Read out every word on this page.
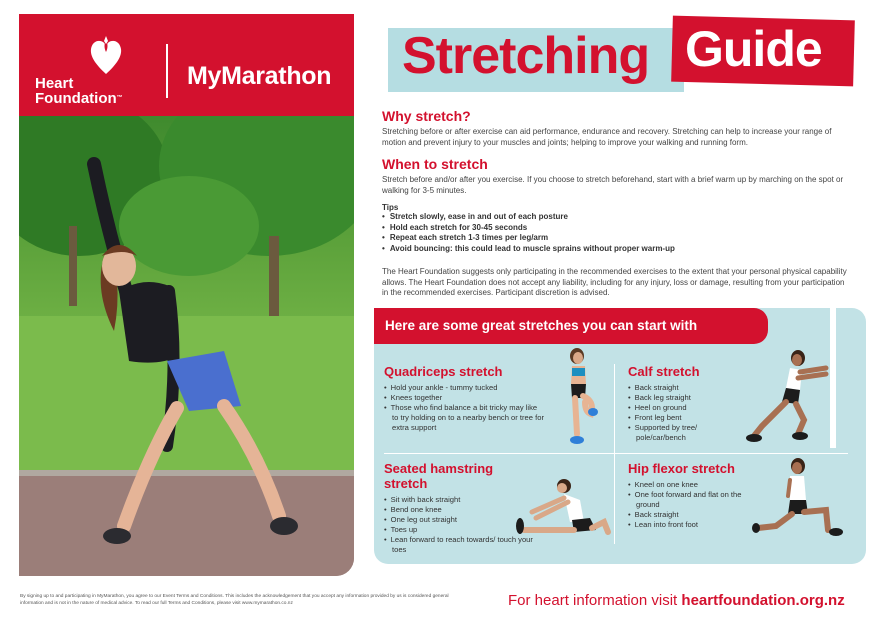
Heart
Foundation™
MyMarathon Stretching Guide
Why stretch?

Stretching before or after exercise can aid performance, endurance and recovery. Stretching can help to increase your range of motion and prevent injury to your muscles and joints; helping to improve your walking and running form.

When to stretch

Stretch before and/or after you exercise. If you choose to stretch beforehand, start with a brief warm up by marching on the spot or walking for 3-5 minutes.

Tips
• Stretch slowly, ease in and out of each posture
• Hold each stretch for 30-45 seconds
• Repeat each stretch 1-3 times per leg/arm
• Avoid bouncing: this could lead to muscle sprains without proper warm-up

The Heart Foundation suggests only participating in the recommended exercises to the extent that your personal physical capability allows. The Heart Foundation does not accept any liability, including for any injury, loss or damage, resulting from your participation in the recommended exercises. Participant discretion is advised.

Here are some great stretches you can start with
Quadriceps stretch
• Hold your ankle - tummy tucked
• Knees together
• Those who find balance a bit tricky may like to try holding on to a nearby bench or tree for extra support
Calf stretch
• Back straight
• Back leg straight
• Heel on ground
• Front leg bent
• Supported by tree/ pole/car/bench
Seated hamstring stretch
• Sit with back straight
• Bend one knee
• One leg out straight
• Toes up
• Lean forward to reach towards/ touch your toes
Hip flexor stretch
• Kneel on one knee
• One foot forward and flat on the ground
• Back straight
• Lean into front foot
By signing up to and participating in MyMarathon, you agree to our Event Terms and Conditions. This includes the acknowledgement that you accept any information provided by us is considered general information and is not in the nature of medical advice. To read our full Terms and Conditions, please visit www.mymarathon.co.nz	For heart information visit heartfoundation.org.nz
